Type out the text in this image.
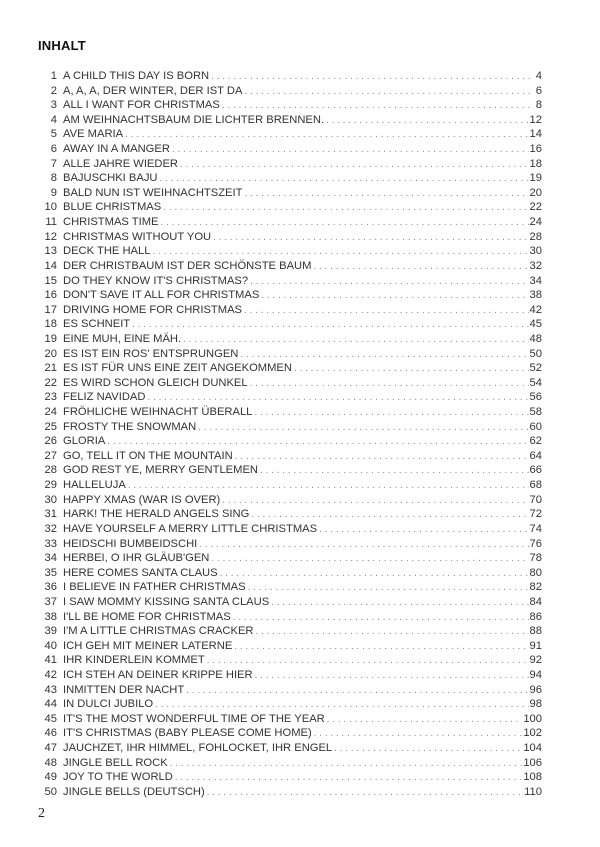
INHALT
1 A CHILD THIS DAY IS BORN . . .	4
2 A, A, A, DER WINTER, DER IST DA . . .	6
3 ALL I WANT FOR CHRISTMAS . . .	8
4 AM WEIHNACHTSBAUM DIE LICHTER BRENNEN. . . .	12
5 AVE MARIA . . .	14
6 AWAY IN A MANGER . . .	16
7 ALLE JAHRE WIEDER . . .	18
8 BAJUSCHKI BAJU . . .	19
9 BALD NUN IST WEIHNACHTSZEIT . . .	20
10 BLUE CHRISTMAS . . .	22
11 CHRISTMAS TIME . . .	24
12 CHRISTMAS WITHOUT YOU . . .	28
13 DECK THE HALL . . .	30
14 DER CHRISTBAUM IST DER SCHÖNSTE BAUM . . .	32
15 DO THEY KNOW IT'S CHRISTMAS? . . .	34
16 DON'T SAVE IT ALL FOR CHRISTMAS . . .	38
17 DRIVING HOME FOR CHRISTMAS . . .	42
18 ES SCHNEIT . . .	45
19 EINE MUH, EINE MÄH. . . .	48
20 ES IST EIN ROS' ENTSPRUNGEN . . .	50
21 ES IST FÜR UNS EINE ZEIT ANGEKOMMEN . . .	52
22 ES WIRD SCHON GLEICH DUNKEL . . .	54
23 FELIZ NAVIDAD . . .	56
24 FRÖHLICHE WEIHNACHT ÜBERALL . . .	58
25 FROSTY THE SNOWMAN . . .	60
26 GLORIA . . .	62
27 GO, TELL IT ON THE MOUNTAIN . . .	64
28 GOD REST YE, MERRY GENTLEMEN . . .	66
29 HALLELUJA . . .	68
30 HAPPY XMAS (WAR IS OVER) . . .	70
31 HARK! THE HERALD ANGELS SING . . .	72
32 HAVE YOURSELF A MERRY LITTLE CHRISTMAS . . .	74
33 HEIDSCHI BUMBEIDSCHI . . .	76
34 HERBEI, O IHR GLÄUB'GEN . . .	78
35 HERE COMES SANTA CLAUS . . .	80
36 I BELIEVE IN FATHER CHRISTMAS . . .	82
37 I SAW MOMMY KISSING SANTA CLAUS . . .	84
38 I'LL BE HOME FOR CHRISTMAS . . .	86
39 I'M A LITTLE CHRISTMAS CRACKER . . .	88
40 ICH GEH MIT MEINER LATERNE . . .	91
41 IHR KINDERLEIN KOMMET . . .	92
42 ICH STEH AN DEINER KRIPPE HIER . . .	94
43 INMITTEN DER NACHT . . .	96
44 IN DULCI JUBILO . . .	98
45 IT'S THE MOST WONDERFUL TIME OF THE YEAR . . .	100
46 IT'S CHRISTMAS (BABY PLEASE COME HOME) . . .	102
47 JAUCHZET, IHR HIMMEL, FOHLOCKET, IHR ENGEL . . .	104
48 JINGLE BELL ROCK . . .	106
49 JOY TO THE WORLD . . .	108
50 JINGLE BELLS (DEUTSCH) . . .	110
2
